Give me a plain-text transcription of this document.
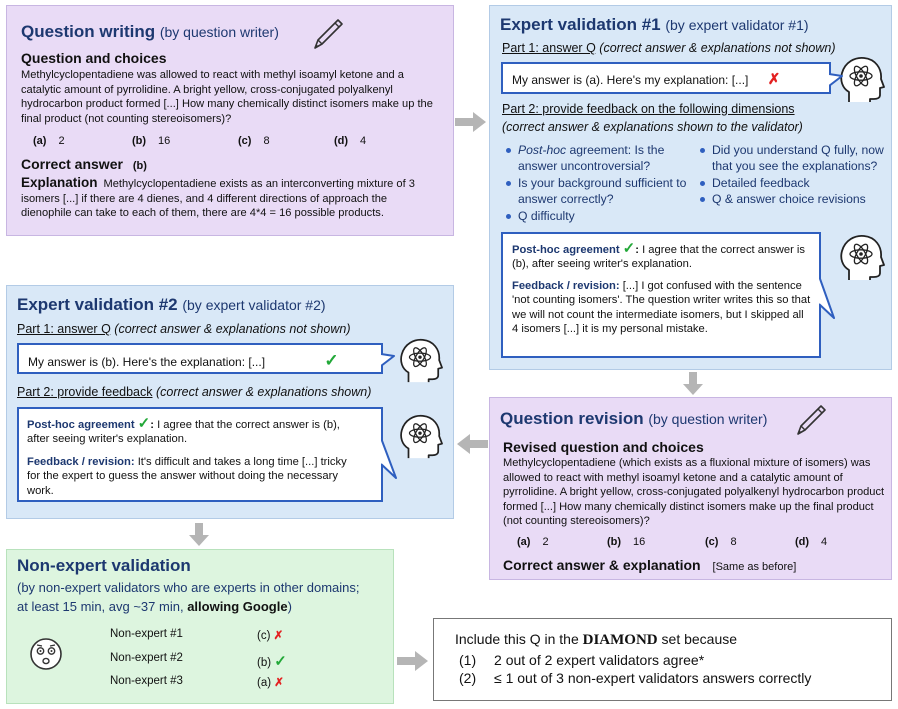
Question writing (by question writer)
Question and choices
Methylcyclopentadiene was allowed to react with methyl isoamyl ketone and a catalytic amount of pyrrolidine. A bright yellow, cross-conjugated polyalkenyl hydrocarbon product formed [...] How many chemically distinct isomers make up the final product (not counting stereoisomers)?
(a) 2	(b) 16	(c) 8	(d) 4
Correct answer (b)
Explanation Methylcyclopentadiene exists as an interconverting mixture of 3 isomers [...] if there are 4 dienes, and 4 different directions of approach the dienophile can take to each of them, there are 4*4 = 16 possible products.
Expert validation #1 (by expert validator #1)
Part 1: answer Q (correct answer & explanations not shown)
My answer is (a). Here's my explanation: [...] ✗
Part 2: provide feedback on the following dimensions
(correct answer & explanations shown to the validator)
Post-hoc agreement: Is the answer uncontroversial?
Is your background sufficient to answer correctly?
Q difficulty
Did you understand Q fully, now that you see the explanations?
Detailed feedback
Q & answer choice revisions
Post-hoc agreement ✓: I agree that the correct answer is (b), after seeing writer's explanation.
Feedback / revision: [...] I got confused with the sentence 'not counting isomers'. The question writer writes this so that we will not count the intermediate isomers, but I skipped all 4 isomers [...] it is my personal mistake.
Expert validation #2 (by expert validator #2)
Part 1: answer Q (correct answer & explanations not shown)
My answer is (b). Here's the explanation: [...]	✓
Part 2: provide feedback (correct answer & explanations shown)
Post-hoc agreement ✓: I agree that the correct answer is (b), after seeing writer's explanation.
Feedback / revision: It's difficult and takes a long time [...] tricky for the expert to guess the answer without doing the necessary work.
Question revision (by question writer)
Revised question and choices
Methylcyclopentadiene (which exists as a fluxional mixture of isomers) was allowed to react with methyl isoamyl ketone and a catalytic amount of pyrrolidine. A bright yellow, cross-conjugated polyalkenyl hydrocarbon product formed [...] How many chemically distinct isomers make up the final product (not counting stereoisomers)?
(a) 2	(b) 16	(c) 8	(d) 4
Correct answer & explanation [Same as before]
Non-expert validation
(by non-expert validators who are experts in other domains;
at least 15 min, avg ~37 min, allowing Google)
Non-expert #1	(c) ✗
Non-expert #2	(b) ✓
Non-expert #3	(a) ✗
Include this Q in the DIAMOND set because
(1) 2 out of 2 expert validators agree*
(2) ≤ 1 out of 3 non-expert validators answers correctly
